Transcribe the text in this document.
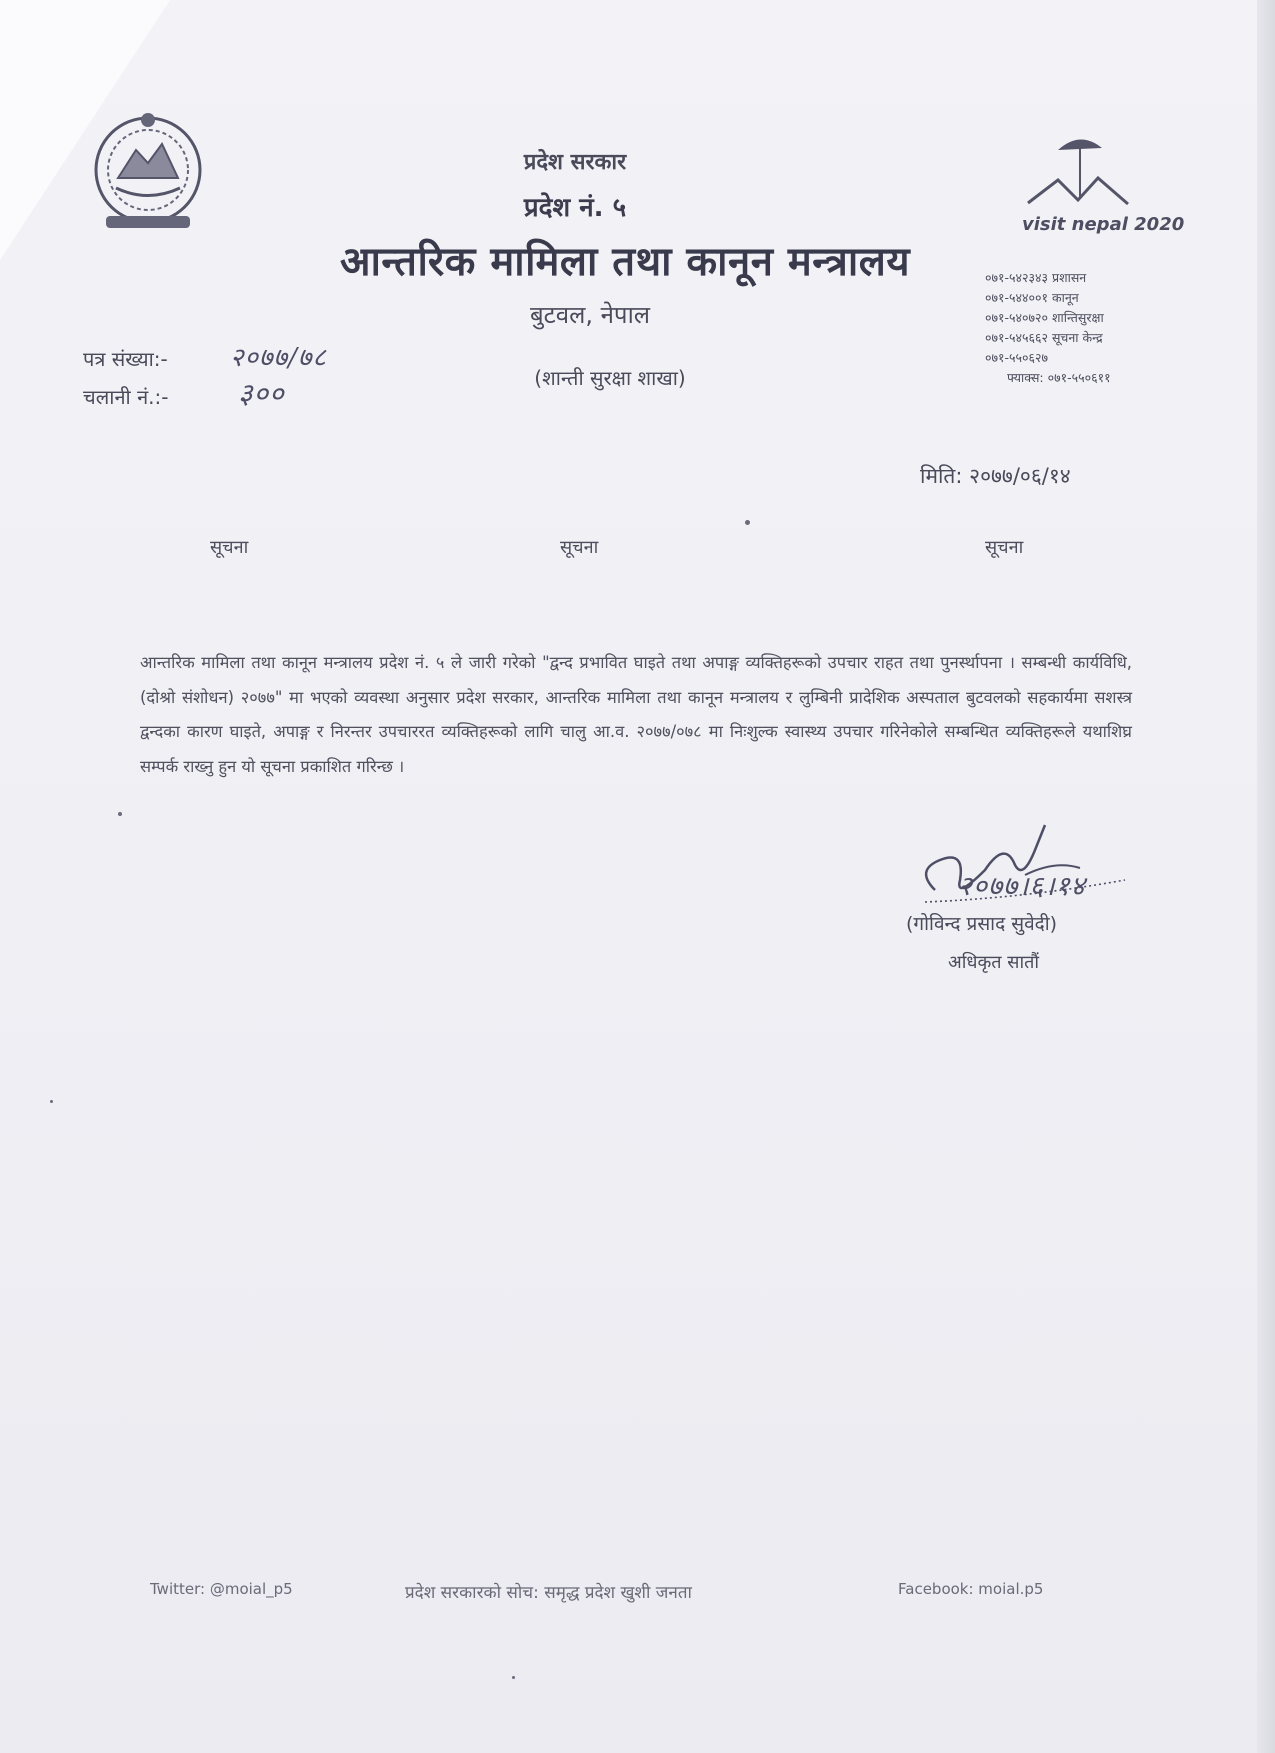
visit nepal 2020
प्रदेश सरकार
प्रदेश नं. ५
आन्तरिक मामिला तथा कानून मन्त्रालय
बुटवल, नेपाल
(शान्ती सुरक्षा शाखा)
०७१-५४२३४३ प्रशासन
०७१-५४४००१ कानून
०७१-५४०७२० शान्तिसुरक्षा
०७१-५४५६६२ सूचना केन्द्र
०७१-५५०६२७
फ्याक्स: ०७१-५५०६११
पत्र संख्या:- २०७७/७८
चलानी नं.:- ३००
मिति: २०७७/०६/१४
सूचना	सूचना	सूचना
आन्तरिक मामिला तथा कानून मन्त्रालय प्रदेश नं. ५ ले जारी गरेको "द्वन्द प्रभावित घाइते तथा अपाङ्ग व्यक्तिहरूको उपचार राहत तथा पुनर्स्थापना । सम्बन्धी कार्यविधि, (दोश्रो संशोधन) २०७७" मा भएको व्यवस्था अनुसार प्रदेश सरकार, आन्तरिक मामिला तथा कानून मन्त्रालय र लुम्बिनी प्रादेशिक अस्पताल बुटवलको सहकार्यमा सशस्त्र द्वन्दका कारण घाइते, अपाङ्ग र निरन्तर उपचाररत व्यक्तिहरूको लागि चालु आ.व. २०७७/०७८ मा निःशुल्क स्वास्थ्य उपचार गरिनेकोले सम्बन्धित व्यक्तिहरूले यथाशिघ्र सम्पर्क राख्नु हुन यो सूचना प्रकाशित गरिन्छ ।
२०७७।६।१४
(गोविन्द प्रसाद सुवेदी)
अधिकृत सातौं
Twitter: @moial_p5	प्रदेश सरकारको सोच: समृद्ध प्रदेश खुशी जनता	Facebook: moial.p5
